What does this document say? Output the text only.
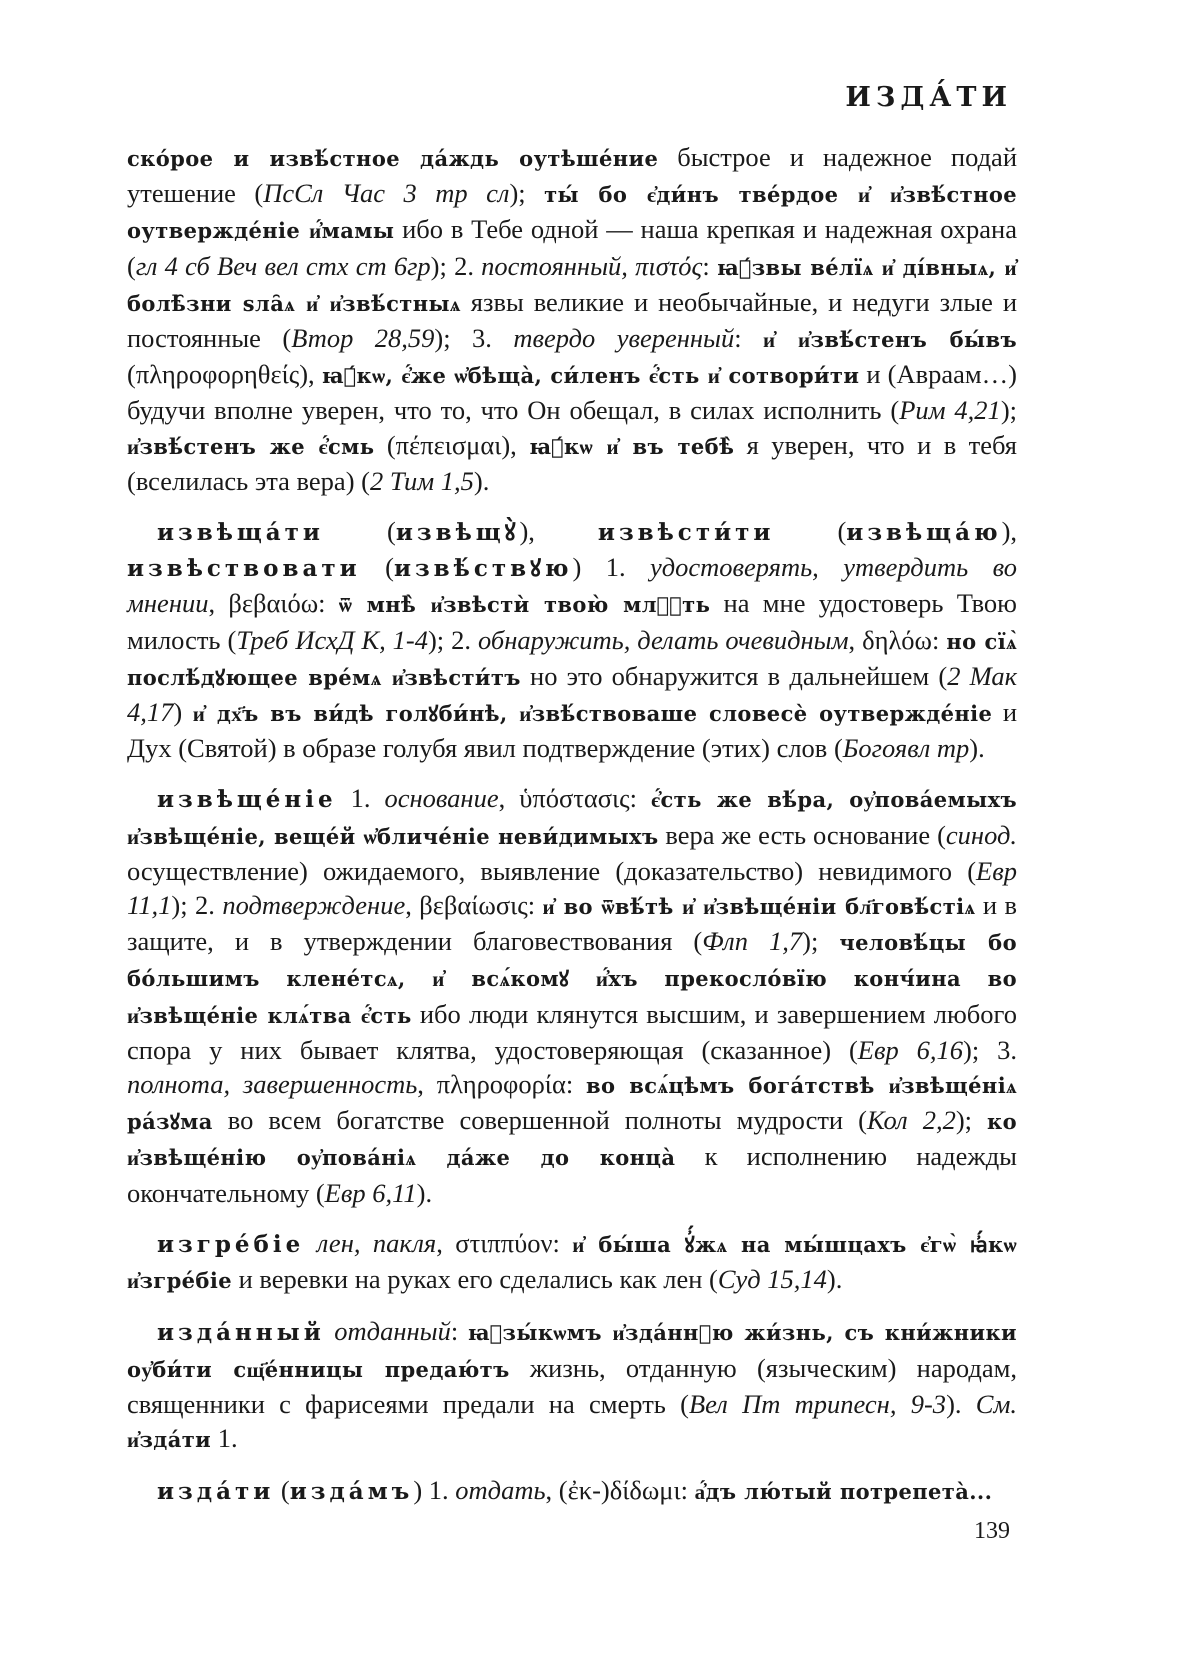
ИЗДА́ТИ

скóрое и извѣ́стное да́ждь оутѣше́ние быстрое и надежное подай утешение (ПсСл Час 3 тр сл); ты́ бо є҆ди́нъ тве́рдое и҆ и҆звѣ́стное оутвержде́ніе и҆́мамы ибо в Тебе одной — наша крепкая и надежная охрана (гл 4 сб Веч вел стх ст 6гр); 2. постоянный, πιστός: ꙗ҆́звы ве́лїѧ и҆ ді́вныѧ, и҆ болѣ̑зни ѕла̑ѧ и҆ и҆звѣ́стныѧ язвы великие и необычайные, и недуги злые и постоянные (Втор 28,59); 3. твердо уверенный: и҆ и҆звѣ́стенъ бы́въ (πληροφορηθείς), ꙗ҆́кѡ, є҆́же ѡ҆бѣща̀, си́ленъ є҆́сть и҆ сотвори́ти и (Авраам…) будучи вполне уверен, что то, что Он обещал, в силах исполнить (Рим 4,21); и҆звѣ́стенъ же є҆́смь (πέπεισμαι), ꙗ҆́кѡ и҆ въ тебѣ̀ я уверен, что и в тебя (вселилась эта вера) (2 Тим 1,5).

извѣща́ти (извѣщꙋ̀), извѣсти́ти (извѣща́ю), извѣствовати (извѣ́ствꙋю) 1. удостоверять, утвердить во мнении, βεβαιόω: ѿ мнѣ̀ и҆звѣстѝ твою̀ млⷭ҇ть на мне удостоверь Твою милость (Треб ИсхД К, 1-4); 2. обнаружить, делать очевидным, δηλόω: но сїѧ̀ послѣ́дꙋющее вре́мѧ и҆звѣсти́тъ но это обнаружится в дальнейшем (2 Мак 4,17) и҆ дх҃ъ въ ви́дѣ голꙋби́нѣ, и҆звѣ́ствоваше словесѐ оутвержде́ніе и Дух (Святой) в образе голубя явил подтверждение (этих) слов (Богоявл тр).

извѣще́ніе 1. основание, ὑπόστασις: є҆́сть же вѣ́ра, оу҆пова́емыхъ и҆звѣще́ніе, веще́й ѡ҆бличе́ніе неви́димыхъ вера же есть основание (синод. осуществление) ожидаемого, выявление (доказательство) невидимого (Евр 11,1); 2. подтверждение, βεβαίωσις: и҆ во ѿвѣ́тѣ и҆ и҆звѣще́ніи бл҃говѣ́стіѧ и в защите, и в утверждении благовествования (Флп 1,7); человѣ́цы бо бо́льшимъ клене́тсѧ, и҆ всѧ́комꙋ и҆́хъ прекосло́вїю конч́ина во и҆звѣще́ніе клѧ́тва є҆́сть ибо люди клянутся высшим, и завершением любого спора у них бывает клятва, удостоверяющая (сказанное) (Евр 6,16); 3. полнота, завершенность, πληροφορία: во всѧ́цѣмъ бога́тствѣ и҆звѣще́ніѧ ра́зꙋма во всем богатстве совершенной полноты мудрости (Кол 2,2); ко и҆звѣще́нію оу҆пова́ніѧ да́же до конца̀ к исполнению надежды окончательному (Евр 6,11).

изгре́біе лен, пакля, στιππύον: и҆ бы́ша ꙋ҆́жѧ на мы́шцахъ є҆гѡ̀ ꙗ҆́кѡ и҆згре́біе и веревки на руках его сделались как лен (Суд 15,14).

изда́нный отданный: ꙗ҆зы́кѡмъ и҆зда́ннꙋю жи́знь, съ кни́жники оу҆би́ти сщ҃е́нницы предаю́тъ жизнь, отданную (языческим) народам, священники с фарисеями предали на смерть (Вел Пт трипесн, 9-3). См. и҆зда́ти 1.

изда́ти (изда́мъ) 1. отдать, (ἐκ-)δίδωμι: а҆́дъ лю́тый потрепета̀...

139
